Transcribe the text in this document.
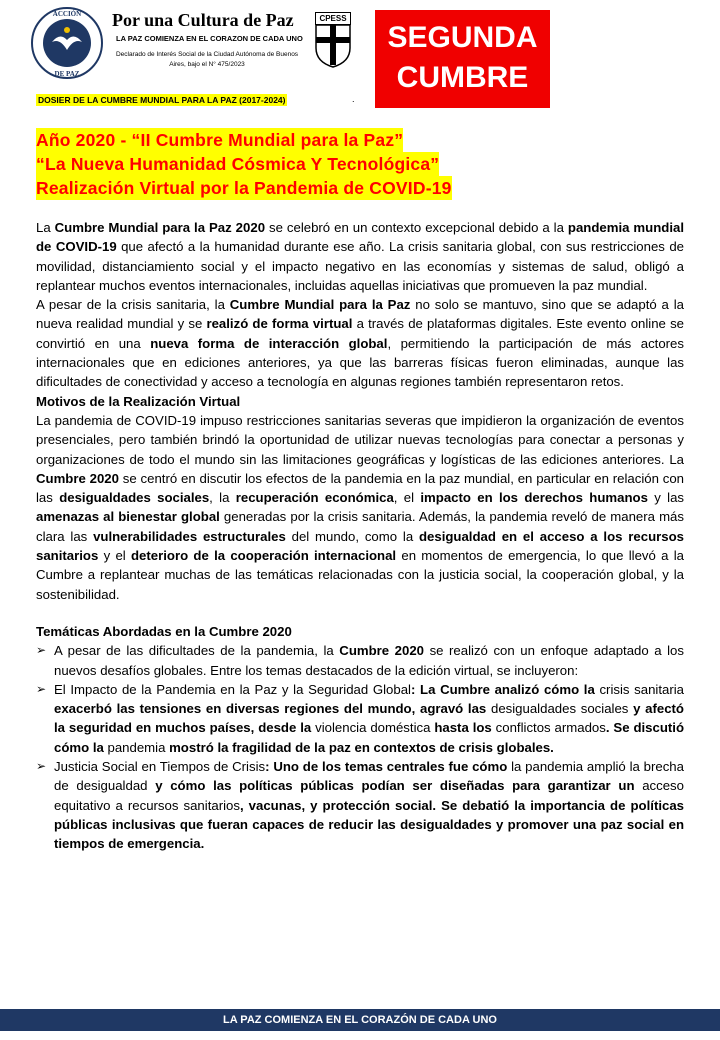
ACCIÓN
DE PAZ
Por una Cultura de Paz
LA PAZ COMIENZA EN EL CORAZON DE CADA UNO
Declarado de Interés Social de la Ciudad Autónoma de Buenos Aires, bajo el N° 475/2023
CPESS
SEGUNDA
CUMBRE
DOSIER DE LA CUMBRE MUNDIAL PARA LA PAZ (2017-2024)	.
Año 2020 - “II Cumbre Mundial para la Paz”
“La Nueva Humanidad Cósmica Y Tecnológica”
Realización Virtual por la Pandemia de COVID-19

La Cumbre Mundial para la Paz 2020 se celebró en un contexto excepcional debido a la pandemia mundial de COVID-19 que afectó a la humanidad durante ese año. La crisis sanitaria global, con sus restricciones de movilidad, distanciamiento social y el impacto negativo en las economías y sistemas de salud, obligó a replantear muchos eventos internacionales, incluidas aquellas iniciativas que promueven la paz mundial.

A pesar de la crisis sanitaria, la Cumbre Mundial para la Paz no solo se mantuvo, sino que se adaptó a la nueva realidad mundial y se realizó de forma virtual a través de plataformas digitales. Este evento online se convirtió en una nueva forma de interacción global, permitiendo la participación de más actores internacionales que en ediciones anteriores, ya que las barreras físicas fueron eliminadas, aunque las dificultades de conectividad y acceso a tecnología en algunas regiones también representaron retos.

Motivos de la Realización Virtual

La pandemia de COVID-19 impuso restricciones sanitarias severas que impidieron la organización de eventos presenciales, pero también brindó la oportunidad de utilizar nuevas tecnologías para conectar a personas y organizaciones de todo el mundo sin las limitaciones geográficas y logísticas de las ediciones anteriores. La Cumbre 2020 se centró en discutir los efectos de la pandemia en la paz mundial, en particular en relación con las desigualdades sociales, la recuperación económica, el impacto en los derechos humanos y las amenazas al bienestar global generadas por la crisis sanitaria. Además, la pandemia reveló de manera más clara las vulnerabilidades estructurales del mundo, como la desigualdad en el acceso a los recursos sanitarios y el deterioro de la cooperación internacional en momentos de emergencia, lo que llevó a la Cumbre a replantear muchas de las temáticas relacionadas con la justicia social, la cooperación global, y la sostenibilidad.

Temáticas Abordadas en la Cumbre 2020

➢ A pesar de las dificultades de la pandemia, la Cumbre 2020 se realizó con un enfoque adaptado a los nuevos desafíos globales. Entre los temas destacados de la edición virtual, se incluyeron:
➢ El Impacto de la Pandemia en la Paz y la Seguridad Global: La Cumbre analizó cómo la crisis sanitaria exacerbó las tensiones en diversas regiones del mundo, agravó las desigualdades sociales y afectó la seguridad en muchos países, desde la violencia doméstica hasta los conflictos armados. Se discutió cómo la pandemia mostró la fragilidad de la paz en contextos de crisis globales.
➢ Justicia Social en Tiempos de Crisis: Uno de los temas centrales fue cómo la pandemia amplió la brecha de desigualdad y cómo las políticas públicas podían ser diseñadas para garantizar un acceso equitativo a recursos sanitarios, vacunas, y protección social. Se debatió la importancia de políticas públicas inclusivas que fueran capaces de reducir las desigualdades y promover una paz social en tiempos de emergencia.
LA PAZ COMIENZA EN EL CORAZÓN DE CADA UNO
